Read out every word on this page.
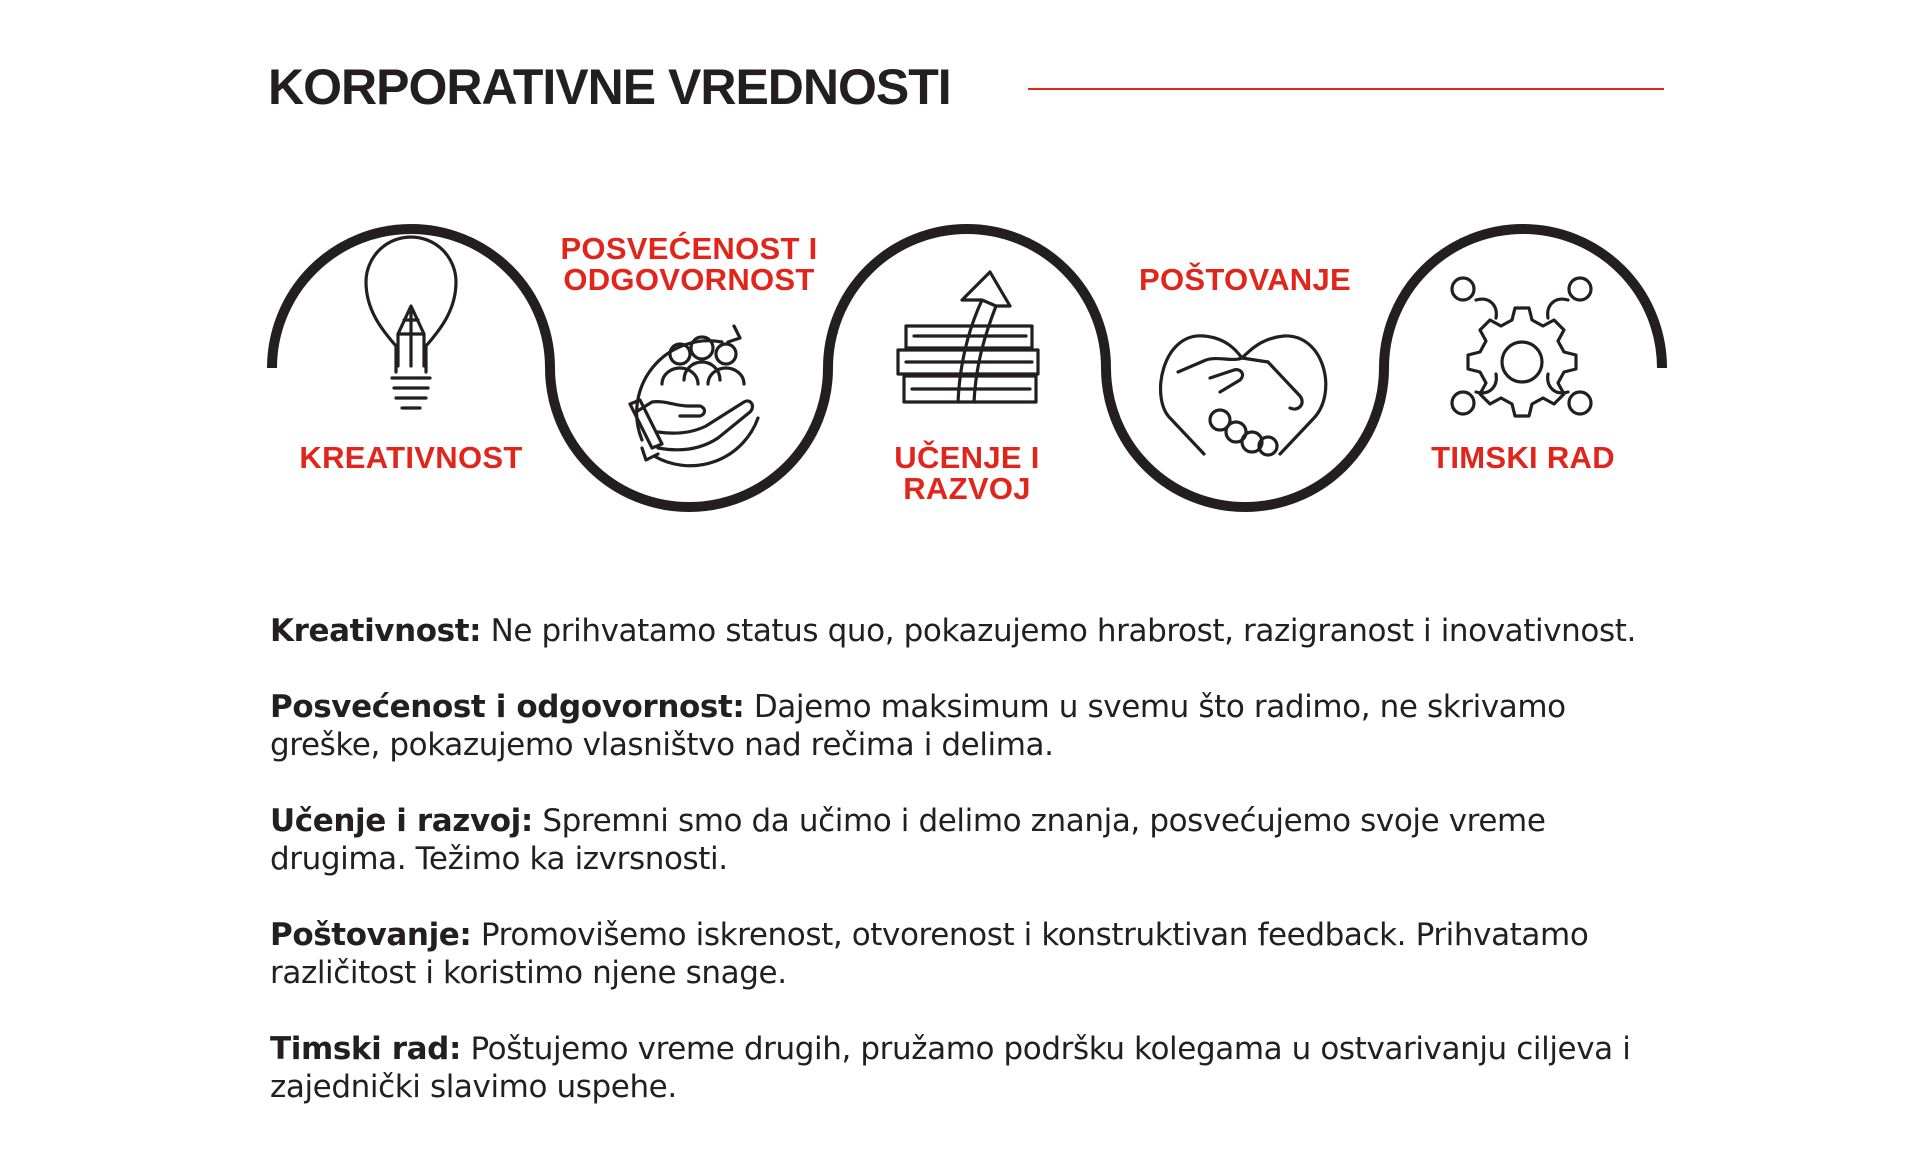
KORPORATIVNE VREDNOSTI
KREATIVNOST
POSVEĆENOST I
ODGOVORNOST
UČENJE I
RAZVOJ
POŠTOVANJE
TIMSKI RAD

Kreativnost: Ne prihvatamo status quo, pokazujemo hrabrost, razigranost i inovativnost.

Posvećenost i odgovornost: Dajemo maksimum u svemu što radimo, ne skrivamo greške, pokazujemo vlasništvo nad rečima i delima.

Učenje i razvoj: Spremni smo da učimo i delimo znanja, posvećujemo svoje vreme drugima. Težimo ka izvrsnosti.

Poštovanje: Promovišemo iskrenost, otvorenost i konstruktivan feedback. Prihvatamo različitost i koristimo njene snage.

Timski rad: Poštujemo vreme drugih, pružamo podršku kolegama u ostvarivanju ciljeva i zajednički slavimo uspehe.
